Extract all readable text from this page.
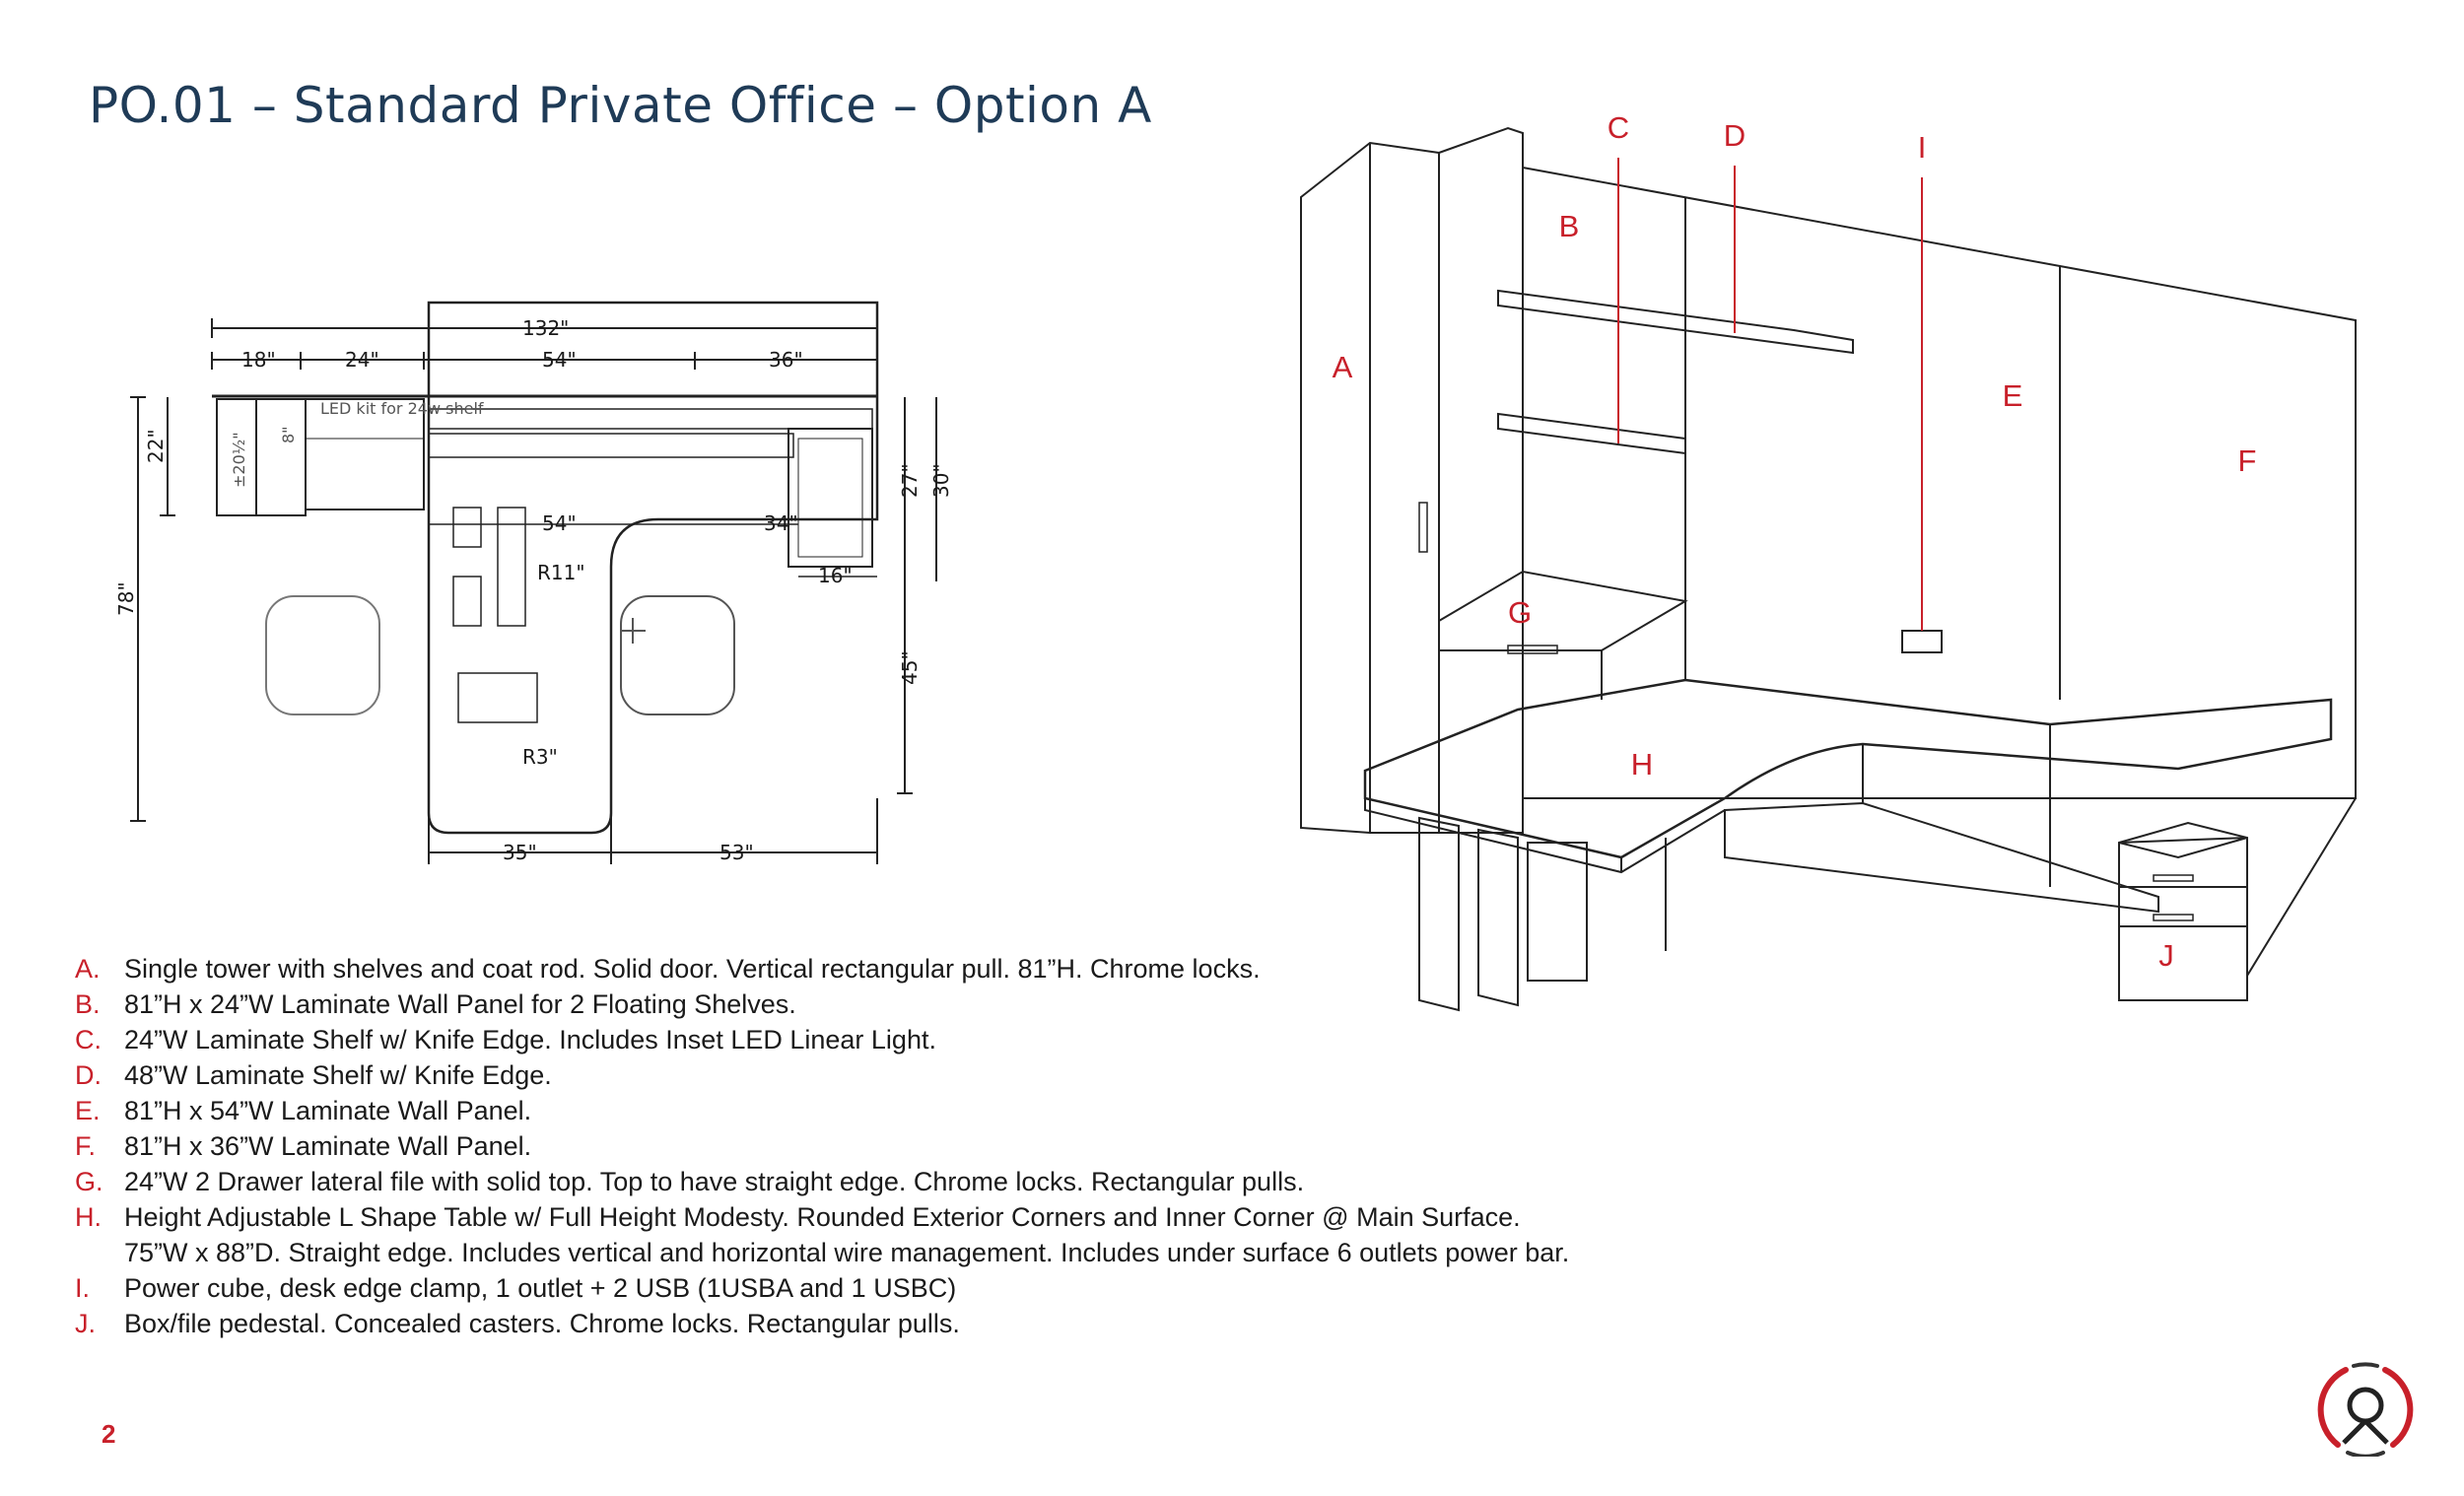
PO.01 – Standard Private Office – Option A
132"
18"	24"	54"	36"
22"	±20½" 8"
78"
LED kit for 24w shelf
54"	34"
R11"	16"
27" 30"
45"
R3"
35"	53"
C	D	I
B
A
E
F
G
H
J
A. Single tower with shelves and coat rod. Solid door. Vertical rectangular pull. 81”H. Chrome locks.
B. 81”H x 24”W Laminate Wall Panel for 2 Floating Shelves.
C. 24”W Laminate Shelf w/ Knife Edge. Includes Inset LED Linear Light.
D. 48”W Laminate Shelf w/ Knife Edge.
E. 81”H x 54”W Laminate Wall Panel.
F.	81”H x 36”W Laminate Wall Panel.
G. 24”W 2 Drawer lateral file with solid top. Top to have straight edge. Chrome locks. Rectangular pulls.
H. Height Adjustable L Shape Table w/ Full Height Modesty. Rounded Exterior Corners and Inner Corner @ Main Surface. 75”W x 88”D. Straight edge. Includes vertical and horizontal wire management. Includes under surface 6 outlets power bar.
I.	Power cube, desk edge clamp, 1 outlet + 2 USB (1USBA and 1 USBC)
J.	Box/file pedestal. Concealed casters. Chrome locks. Rectangular pulls.
2
